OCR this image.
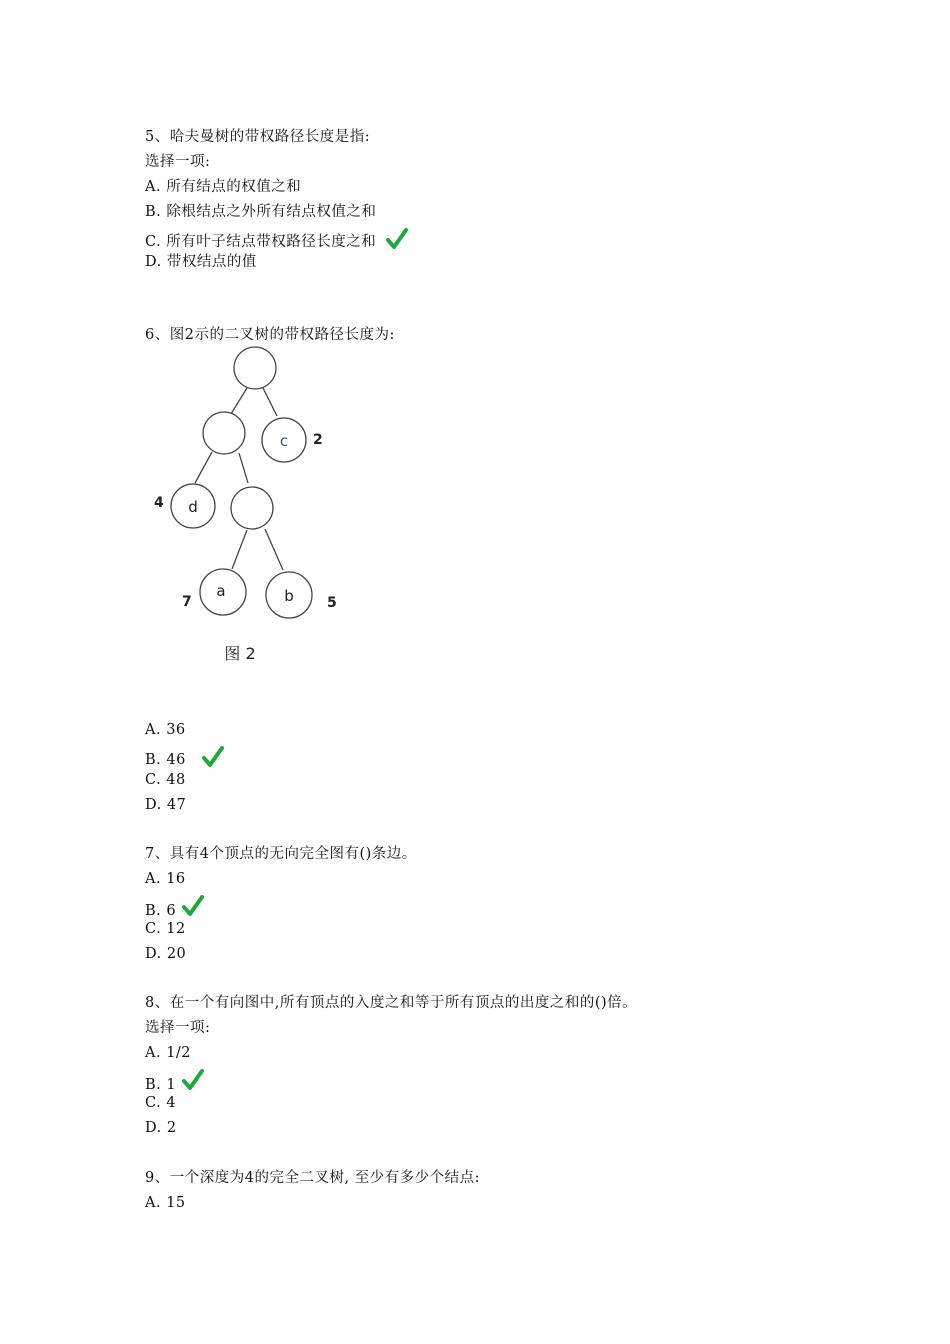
5、哈夫曼树的带权路径长度是指:
选择一项:
A. 所有结点的权值之和
B. 除根结点之外所有结点权值之和
C. 所有叶子结点带权路径长度之和
D. 带权结点的值
6、图2示的二叉树的带权路径长度为:
c
d
a	b
2
4
7	5
图 2
A. 36
B. 46
C. 48
D. 47
7、具有4个顶点的无向完全图有()条边。
A. 16
B. 6
C. 12
D. 20
8、在一个有向图中,所有顶点的入度之和等于所有顶点的出度之和的()倍。
选择一项:
A. 1/2
B. 1
C. 4
D. 2
9、一个深度为4的完全二叉树, 至少有多少个结点:
A. 15
